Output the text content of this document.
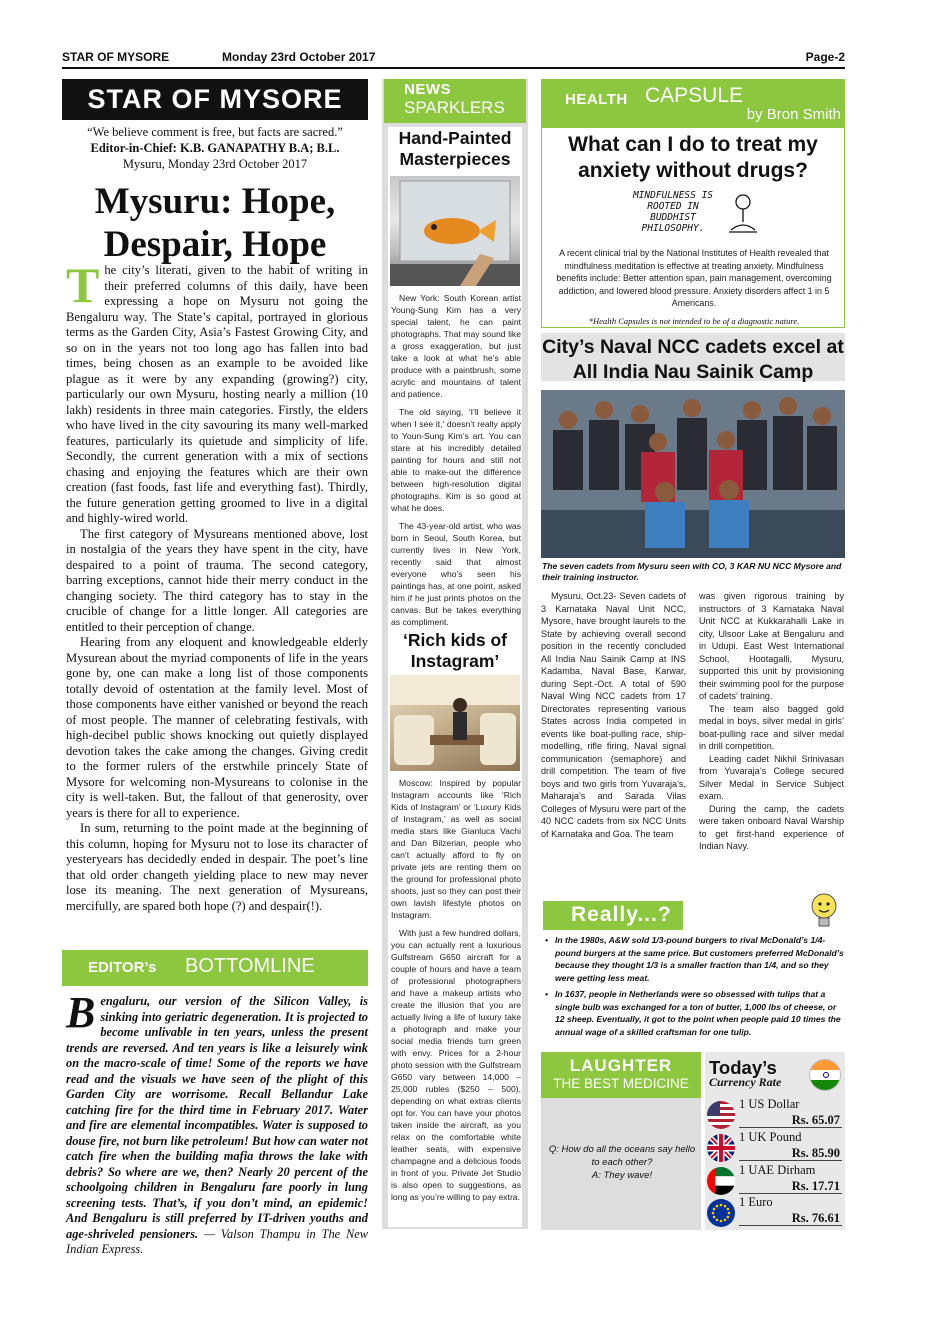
STAR OF MYSORE	Monday 23rd October 2017	Page-2
STAR OF MYSORE
“We believe comment is free, but facts are sacred.”
Editor-in-Chief: K.B. GANAPATHY B.A; B.L.
Mysuru, Monday 23rd October 2017
Mysuru: Hope, Despair, Hope

The city’s literati, given to the habit of writing in their preferred columns of this daily, have been expressing a hope on Mysuru not going the Bengaluru way. The State’s capital, portrayed in glorious terms as the Garden City, Asia’s Fastest Growing City, and so on in the years not too long ago has fallen into bad times, being chosen as an example to be avoided like plague as it were by any expanding (growing?) city, particularly our own Mysuru, hosting nearly a million (10 lakh) residents in three main categories. Firstly, the elders who have lived in the city savouring its many well-marked features, particularly its quietude and simplicity of life. Secondly, the current generation with a mix of sections chasing and enjoying the features which are their own creation (fast foods, fast life and everything fast). Thirdly, the future generation getting groomed to live in a digital and highly-wired world.

The first category of Mysureans mentioned above, lost in nostalgia of the years they have spent in the city, have despaired to a point of trauma. The second category, barring exceptions, cannot hide their merry conduct in the changing society. The third category has to stay in the crucible of change for a little longer. All categories are entitled to their perception of change.

Hearing from any eloquent and knowledgeable elderly Mysurean about the myriad components of life in the years gone by, one can make a long list of those components totally devoid of ostentation at the family level. Most of those components have either vanished or beyond the reach of most people. The manner of celebrating festivals, with high-decibel public shows knocking out quietly displayed devotion takes the cake among the changes. Giving credit to the former rulers of the erstwhile princely State of Mysore for welcoming non-Mysureans to colonise in the city is well-taken. But, the fallout of that generosity, over years is there for all to experience.

In sum, returning to the point made at the beginning of this column, hoping for Mysuru not to lose its character of yesteryears has decidedly ended in despair. The poet’s line that old order changeth yielding place to new may never lose its meaning. The next generation of Mysureans, mercifully, are spared both hope (?) and despair(!).

EDITOR’s BOTTOMLINE
Bengaluru, our version of the Silicon Valley, is sinking into geriatric degeneration. It is projected to become unlivable in ten years, unless the present trends are reversed. And ten years is like a leisurely wink on the macro-scale of time! Some of the reports we have read and the visuals we have seen of the plight of this Garden City are worrisome. Recall Bellandur Lake catching fire for the third time in February 2017. Water and fire are elemental incompatibles. Water is supposed to douse fire, not burn like petroleum! But how can water not catch fire when the building mafia throws the lake with debris? So where are we, then? Nearly 20 percent of the schoolgoing children in Bengaluru fare poorly in lung screening tests. That’s, if you don’t mind, an epidemic! And Bengaluru is still preferred by IT-driven youths and age-shriveled pensioners. — Valson Thampu in The New Indian Express.
NEWS
SPARKLERS
Hand-Painted Masterpieces

New York: South Korean artist Young-Sung Kim has a very special talent, he can paint photographs. That may sound like a gross exaggeration, but just take a look at what he’s able produce with a paintbrush, some acrylic and mountains of talent and patience.

The old saying, ‘I’ll believe it when I see it,’ doesn’t really apply to Youn-Sung Kim’s art. You can stare at his incredibly detailed painting for hours and still not able to make-out the difference between high-resolution digital photographs. Kim is so good at what he does.

The 43-year-old artist, who was born in Seoul, South Korea, but currently lives in New York, recently said that almost everyone who’s seen his paintings has, at one point, asked him if he just prints photos on the canvas. But he takes everything as compliment.

‘Rich kids of Instagram’

Moscow: Inspired by popular Instagram accounts like ‘Rich Kids of Instagram’ or ‘Luxury Kids of Instagram,’ as well as social media stars like Gianluca Vachi and Dan Bilzerian, people who can’t actually afford to fly on private jets are renting them on the ground for professional photo shoots, just so they can post their own lavish lifestyle photos on Instagram.

With just a few hundred dollars, you can actually rent a luxurious Gulfstream G650 aircraft for a couple of hours and have a team of professional photographers and have a makeup artists who create the illusion that you are actually living a life of luxury take a photograph and make your social media friends turn green with envy. Prices for a 2-hour photo session with the Gulfstream G650 vary between 14,000 – 25,000 rubles ($250 – 500), depending on what extras clients opt for. You can have your photos taken inside the aircraft, as you relax on the comfortable white leather seats, with expensive champagne and a delicious foods in front of you. Private Jet Studio is also open to suggestions, as long as you’re willing to pay extra.

HEALTH CAPSULE
by Bron Smith
What can I do to treat my anxiety without drugs?
MINDFULNESS IS ROOTED IN BUDDHIST PHILOSOPHY.
A recent clinical trial by the National Institutes of Health revealed that mindfulness meditation is effective at treating anxiety. Mindfulness benefits include: Better attention span, pain management, overcoming addiction, and lowered blood pressure. Anxiety disorders affect 1 in 5 Americans.
*Health Capsules is not intended to be of a diagnostic nature.
City’s Naval NCC cadets excel at All India Nau Sainik Camp
The seven cadets from Mysuru seen with CO, 3 KAR NU NCC Mysore and their training instructor.

Mysuru, Oct.23- Seven cadets of 3 Karnataka Naval Unit NCC, Mysore, have brought laurels to the State by achieving overall second position in the recently concluded All India Nau Sainik Camp at INS Kadamba, Naval Base, Karwar, during Sept.-Oct. A total of 590 Naval Wing NCC cadets from 17 Directorates representing various States across India competed in events like boat-pulling race, ship-modelling, rifle firing, Naval signal communication (semaphore) and drill competition. The team of five boys and two girls from Yuvaraja’s, Maharaja’s and Sarada Vilas Colleges of Mysuru were part of the 40 NCC cadets from six NCC Units of Karnataka and Goa. The team

was given rigorous training by instructors of 3 Karnataka Naval Unit NCC at Kukkarahalli Lake in city, Ulsoor Lake at Bengaluru and in Udupi. East West International School, Hootagalli, Mysuru, supported this unit by provisioning their swimming pool for the purpose of cadets’ training.

The team also bagged gold medal in boys, silver medal in girls’ boat-pulling race and silver medal in drill competition.

Leading cadet Nikhil Srinivasan from Yuvaraja’s College secured Silver Medal in Service Subject exam.

During the camp, the cadets were taken onboard Naval Warship to get first-hand experience of Indian Navy.

Really...?
• In the 1980s, A&W sold 1/3-pound burgers to rival McDonald’s 1/4-pound burgers at the same price. But customers preferred McDonald’s because they thought 1/3 is a smaller fraction than 1/4, and so they were getting less meat.
• In 1637, people in Netherlands were so obsessed with tulips that a single bulb was exchanged for a ton of butter, 1,000 lbs of cheese, or 12 sheep. Eventually, it got to the point when people paid 10 times the annual wage of a skilled craftsman for one tulip.
LAUGHTER
THE BEST MEDICINE
Q: How do all the oceans say hello to each other?
A: They wave!
Today’s
Currency Rate
1 US Dollar
Rs. 65.07
1 UK Pound
Rs. 85.90
1 UAE Dirham
Rs. 17.71
1 Euro
Rs. 76.61
